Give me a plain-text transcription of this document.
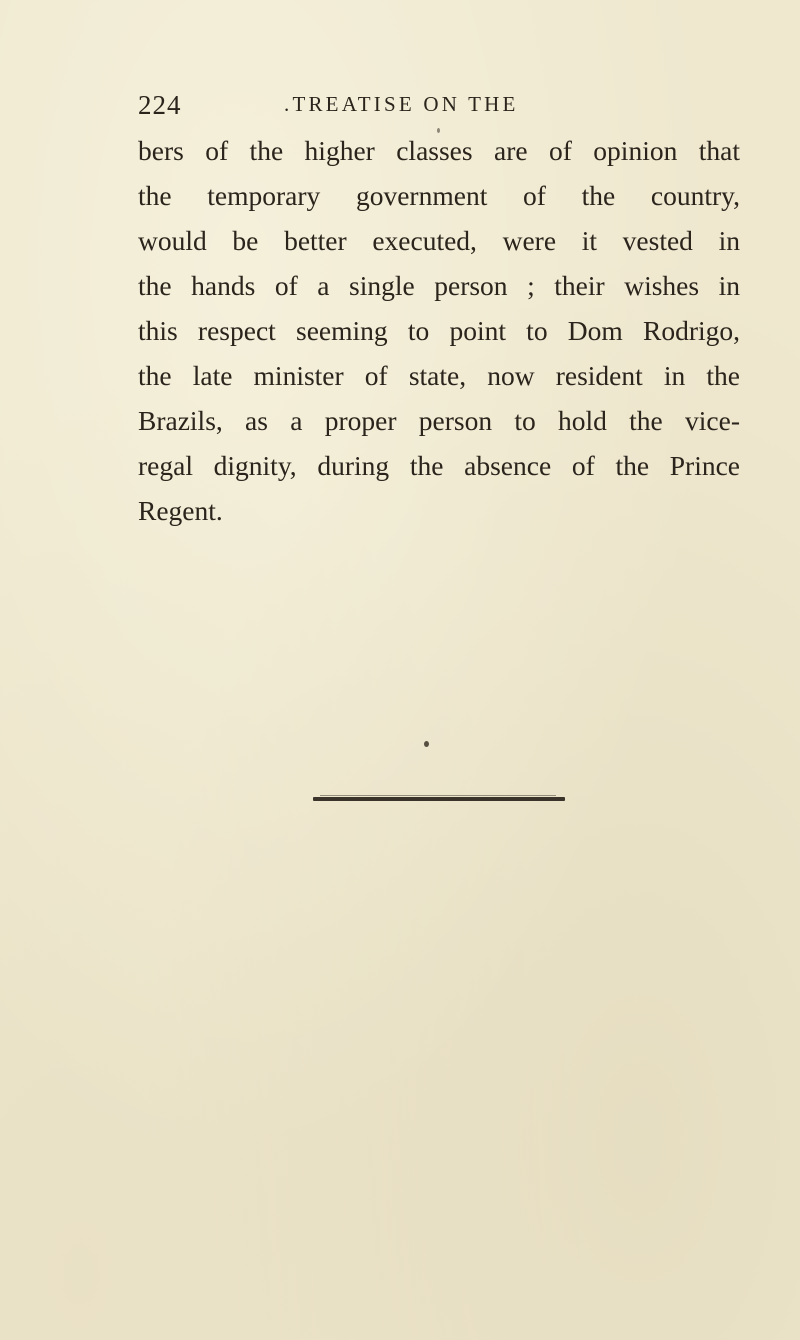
224	.TREATISE ON THE
bers of the higher classes are of opinion that
the temporary government of the country,
would be better executed, were it vested in
the hands of a single person ; their wishes in
this respect seeming to point to Dom Rodrigo,
the late minister of state, now resident in the
Brazils, as a proper person to hold the vice-
regal dignity, during the absence of the Prince
Regent.
